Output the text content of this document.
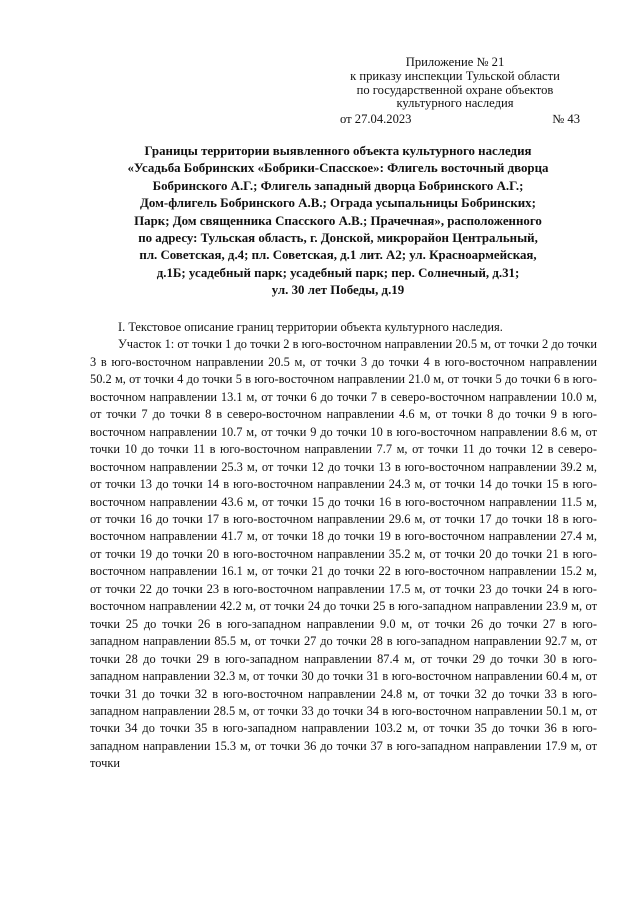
Приложение № 21
к приказу инспекции Тульской области
по государственной охране объектов
культурного наследия
от 27.04.2023	№ 43
Границы территории выявленного объекта культурного наследия
«Усадьба Бобринских «Бобрики-Спасское»: Флигель восточный дворца
Бобринского А.Г.; Флигель западный дворца Бобринского А.Г.;
Дом-флигель Бобринского А.В.; Ограда усыпальницы Бобринских;
Парк; Дом священника Спасского А.В.; Прачечная», расположенного
по адресу: Тульская область, г. Донской, микрорайон Центральный,
пл. Советская, д.4; пл. Советская, д.1 лит. А2; ул. Красноармейская,
д.1Б; усадебный парк; усадебный парк; пер. Солнечный, д.31;
ул. 30 лет Победы, д.19

I. Текстовое описание границ территории объекта культурного наследия.

Участок 1: от точки 1 до точки 2 в юго-восточном направлении 20.5 м, от точки 2 до точки 3 в юго-восточном направлении 20.5 м, от точки 3 до точки 4 в юго-восточном направлении 50.2 м, от точки 4 до точки 5 в юго-восточном направлении 21.0 м, от точки 5 до точки 6 в юго-восточном направлении 13.1 м, от точки 6 до точки 7 в северо-восточном направлении 10.0 м, от точки 7 до точки 8 в северо-восточном направлении 4.6 м, от точки 8 до точки 9 в юго-восточном направлении 10.7 м, от точки 9 до точки 10 в юго-восточном направлении 8.6 м, от точки 10 до точки 11 в юго-восточном направлении 7.7 м, от точки 11 до точки 12 в северо-восточном направлении 25.3 м, от точки 12 до точки 13 в юго-восточном направлении 39.2 м, от точки 13 до точки 14 в юго-восточном направлении 24.3 м, от точки 14 до точки 15 в юго-восточном направлении 43.6 м, от точки 15 до точки 16 в юго-восточном направлении 11.5 м, от точки 16 до точки 17 в юго-восточном направлении 29.6 м, от точки 17 до точки 18 в юго-восточном направлении 41.7 м, от точки 18 до точки 19 в юго-восточном направлении 27.4 м, от точки 19 до точки 20 в юго-восточном направлении 35.2 м, от точки 20 до точки 21 в юго-восточном направлении 16.1 м, от точки 21 до точки 22 в юго-восточном направлении 15.2 м, от точки 22 до точки 23 в юго-восточном направлении 17.5 м, от точки 23 до точки 24 в юго-восточном направлении 42.2 м, от точки 24 до точки 25 в юго-западном направлении 23.9 м, от точки 25 до точки 26 в юго-западном направлении 9.0 м, от точки 26 до точки 27 в юго-западном направлении 85.5 м, от точки 27 до точки 28 в юго-западном направлении 92.7 м, от точки 28 до точки 29 в юго-западном направлении 87.4 м, от точки 29 до точки 30 в юго-западном направлении 32.3 м, от точки 30 до точки 31 в юго-восточном направлении 60.4 м, от точки 31 до точки 32 в юго-восточном направлении 24.8 м, от точки 32 до точки 33 в юго-западном направлении 28.5 м, от точки 33 до точки 34 в юго-восточном направлении 50.1 м, от точки 34 до точки 35 в юго-западном направлении 103.2 м, от точки 35 до точки 36 в юго-западном направлении 15.3 м, от точки 36 до точки 37 в юго-западном направлении 17.9 м, от точки
